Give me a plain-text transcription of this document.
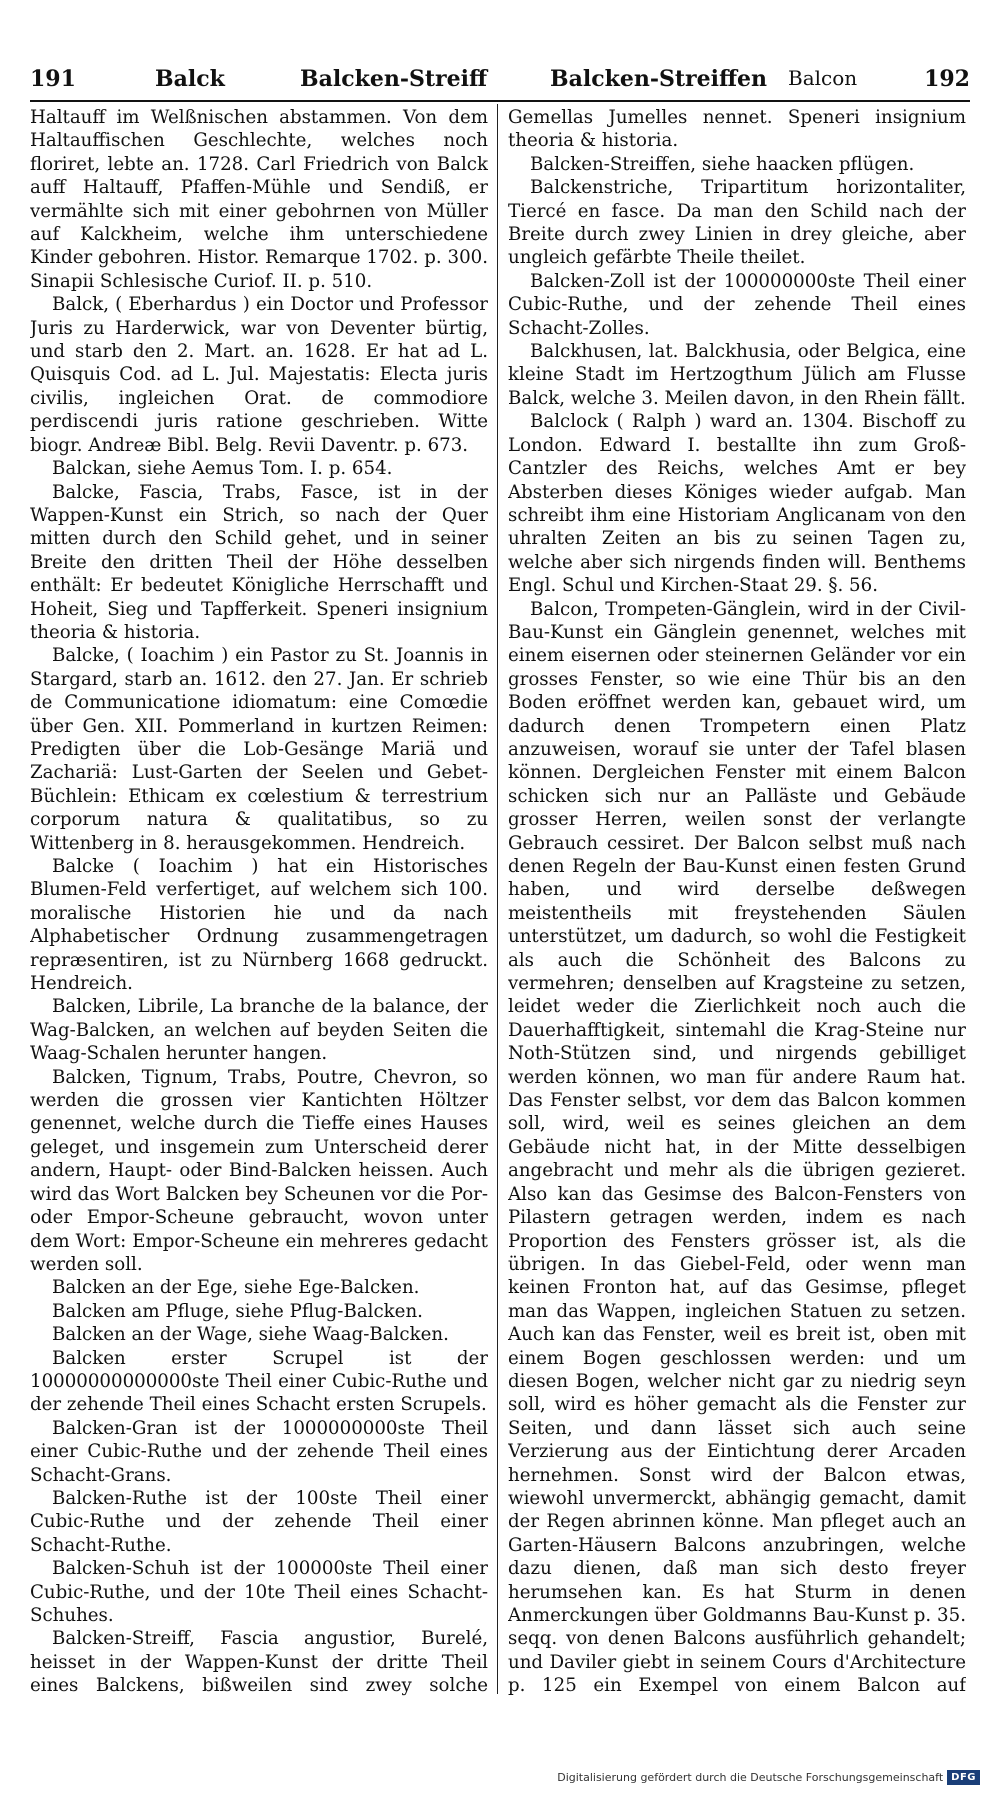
191	Balck	Balcken-Streiff	Balcken-Streiffen Balcon	192

Haltauff im Welßnischen abstammen. Von dem Haltauffischen Geschlechte, welches noch floriret, lebte an. 1728. Carl Friedrich von Balck auff Haltauff, Pfaffen-Mühle und Sendiß, er vermählte sich mit einer gebohrnen von Müller auf Kalckheim, welche ihm unterschiedene Kinder gebohren. Histor. Remarque 1702. p. 300. Sinapii Schlesische Curiof. II. p. 510.

Balck, ( Eberhardus ) ein Doctor und Professor Juris zu Harderwick, war von Deventer bürtig, und starb den 2. Mart. an. 1628. Er hat ad L. Quisquis Cod. ad L. Jul. Majestatis: Electa juris civilis, ingleichen Orat. de commodiore perdiscendi juris ratione geschrieben. Witte biogr. Andreæ Bibl. Belg. Revii Daventr. p. 673.

Balckan, siehe Aemus Tom. I. p. 654.

Balcke, Fascia, Trabs, Fasce, ist in der Wappen-Kunst ein Strich, so nach der Quer mitten durch den Schild gehet, und in seiner Breite den dritten Theil der Höhe desselben enthält: Er bedeutet Königliche Herrschafft und Hoheit, Sieg und Tapfferkeit. Speneri insignium theoria & historia.

Balcke, ( Ioachim ) ein Pastor zu St. Joannis in Stargard, starb an. 1612. den 27. Jan. Er schrieb de Communicatione idiomatum: eine Comœdie über Gen. XII. Pommerland in kurtzen Reimen: Predigten über die Lob-Gesänge Mariä und Zachariä: Lust-Garten der Seelen und Gebet-Büchlein: Ethicam ex cœlestium & terrestrium corporum natura & qualitatibus, so zu Wittenberg in 8. herausgekommen. Hendreich.

Balcke ( Ioachim ) hat ein Historisches Blumen-Feld verfertiget, auf welchem sich 100. moralische Historien hie und da nach Alphabetischer Ordnung zusammengetragen repræsentiren, ist zu Nürnberg 1668 gedruckt. Hendreich.

Balcken, Librile, La branche de la balance, der Wag-Balcken, an welchen auf beyden Seiten die Waag-Schalen herunter hangen.

Balcken, Tignum, Trabs, Poutre, Chevron, so werden die grossen vier Kantichten Höltzer genennet, welche durch die Tieffe eines Hauses geleget, und insgemein zum Unterscheid derer andern, Haupt- oder Bind-Balcken heissen. Auch wird das Wort Balcken bey Scheunen vor die Por- oder Empor-Scheune gebraucht, wovon unter dem Wort: Empor-Scheune ein mehreres gedacht werden soll.

Balcken an der Ege, siehe Ege-Balcken.

Balcken am Pfluge, siehe Pflug-Balcken.

Balcken an der Wage, siehe Waag-Balcken.

Balcken erster Scrupel ist der 10000000000000ste Theil einer Cubic-Ruthe und der zehende Theil eines Schacht ersten Scrupels.

Balcken-Gran ist der 1000000000ste Theil einer Cubic-Ruthe und der zehende Theil eines Schacht-Grans.

Balcken-Ruthe ist der 100ste Theil einer Cubic-Ruthe und der zehende Theil einer Schacht-Ruthe.

Balcken-Schuh ist der 100000ste Theil einer Cubic-Ruthe, und der 10te Theil eines Schacht-Schuhes.

Balcken-Streiff, Fascia angustior, Burelé, heisset in der Wappen-Kunst der dritte Theil eines Balckens, bißweilen sind zwey solche

Gemellas Jumelles nennet. Speneri insignium theoria & historia.

Balcken-Streiffen, siehe haacken pflügen.

Balckenstriche, Tripartitum horizontaliter, Tiercé en fasce. Da man den Schild nach der Breite durch zwey Linien in drey gleiche, aber ungleich gefärbte Theile theilet.

Balcken-Zoll ist der 100000000ste Theil einer Cubic-Ruthe, und der zehende Theil eines Schacht-Zolles.

Balckhusen, lat. Balckhusia, oder Belgica, eine kleine Stadt im Hertzogthum Jülich am Flusse Balck, welche 3. Meilen davon, in den Rhein fällt.

Balclock ( Ralph ) ward an. 1304. Bischoff zu London. Edward I. bestallte ihn zum Groß-Cantzler des Reichs, welches Amt er bey Absterben dieses Königes wieder aufgab. Man schreibt ihm eine Historiam Anglicanam von den uhralten Zeiten an bis zu seinen Tagen zu, welche aber sich nirgends finden will. Benthems Engl. Schul und Kirchen-Staat 29. §. 56.

Balcon, Trompeten-Gänglein, wird in der Civil-Bau-Kunst ein Gänglein genennet, welches mit einem eisernen oder steinernen Geländer vor ein grosses Fenster, so wie eine Thür bis an den Boden eröffnet werden kan, gebauet wird, um dadurch denen Trompetern einen Platz anzuweisen, worauf sie unter der Tafel blasen können. Dergleichen Fenster mit einem Balcon schicken sich nur an Palläste und Gebäude grosser Herren, weilen sonst der verlangte Gebrauch cessiret. Der Balcon selbst muß nach denen Regeln der Bau-Kunst einen festen Grund haben, und wird derselbe deßwegen meistentheils mit freystehenden Säulen unterstützet, um dadurch, so wohl die Festigkeit als auch die Schönheit des Balcons zu vermehren; denselben auf Kragsteine zu setzen, leidet weder die Zierlichkeit noch auch die Dauerhafftigkeit, sintemahl die Krag-Steine nur Noth-Stützen sind, und nirgends gebilliget werden können, wo man für andere Raum hat. Das Fenster selbst, vor dem das Balcon kommen soll, wird, weil es seines gleichen an dem Gebäude nicht hat, in der Mitte desselbigen angebracht und mehr als die übrigen gezieret. Also kan das Gesimse des Balcon-Fensters von Pilastern getragen werden, indem es nach Proportion des Fensters grösser ist, als die übrigen. In das Giebel-Feld, oder wenn man keinen Fronton hat, auf das Gesimse, pfleget man das Wappen, ingleichen Statuen zu setzen. Auch kan das Fenster, weil es breit ist, oben mit einem Bogen geschlossen werden: und um diesen Bogen, welcher nicht gar zu niedrig seyn soll, wird es höher gemacht als die Fenster zur Seiten, und dann lässet sich auch seine Verzierung aus der Eintichtung derer Arcaden hernehmen. Sonst wird der Balcon etwas, wiewohl unvermerckt, abhängig gemacht, damit der Regen abrinnen könne. Man pfleget auch an Garten-Häusern Balcons anzubringen, welche dazu dienen, daß man sich desto freyer herumsehen kan. Es hat Sturm in denen Anmerckungen über Goldmanns Bau-Kunst p. 35. seqq. von denen Balcons ausführlich gehandelt; und Daviler giebt in seinem Cours d'Architecture p. 125 ein Exempel von einem Balcon auf

Digitalisierung gefördert durch die Deutsche Forschungsgemeinschaft DFG
